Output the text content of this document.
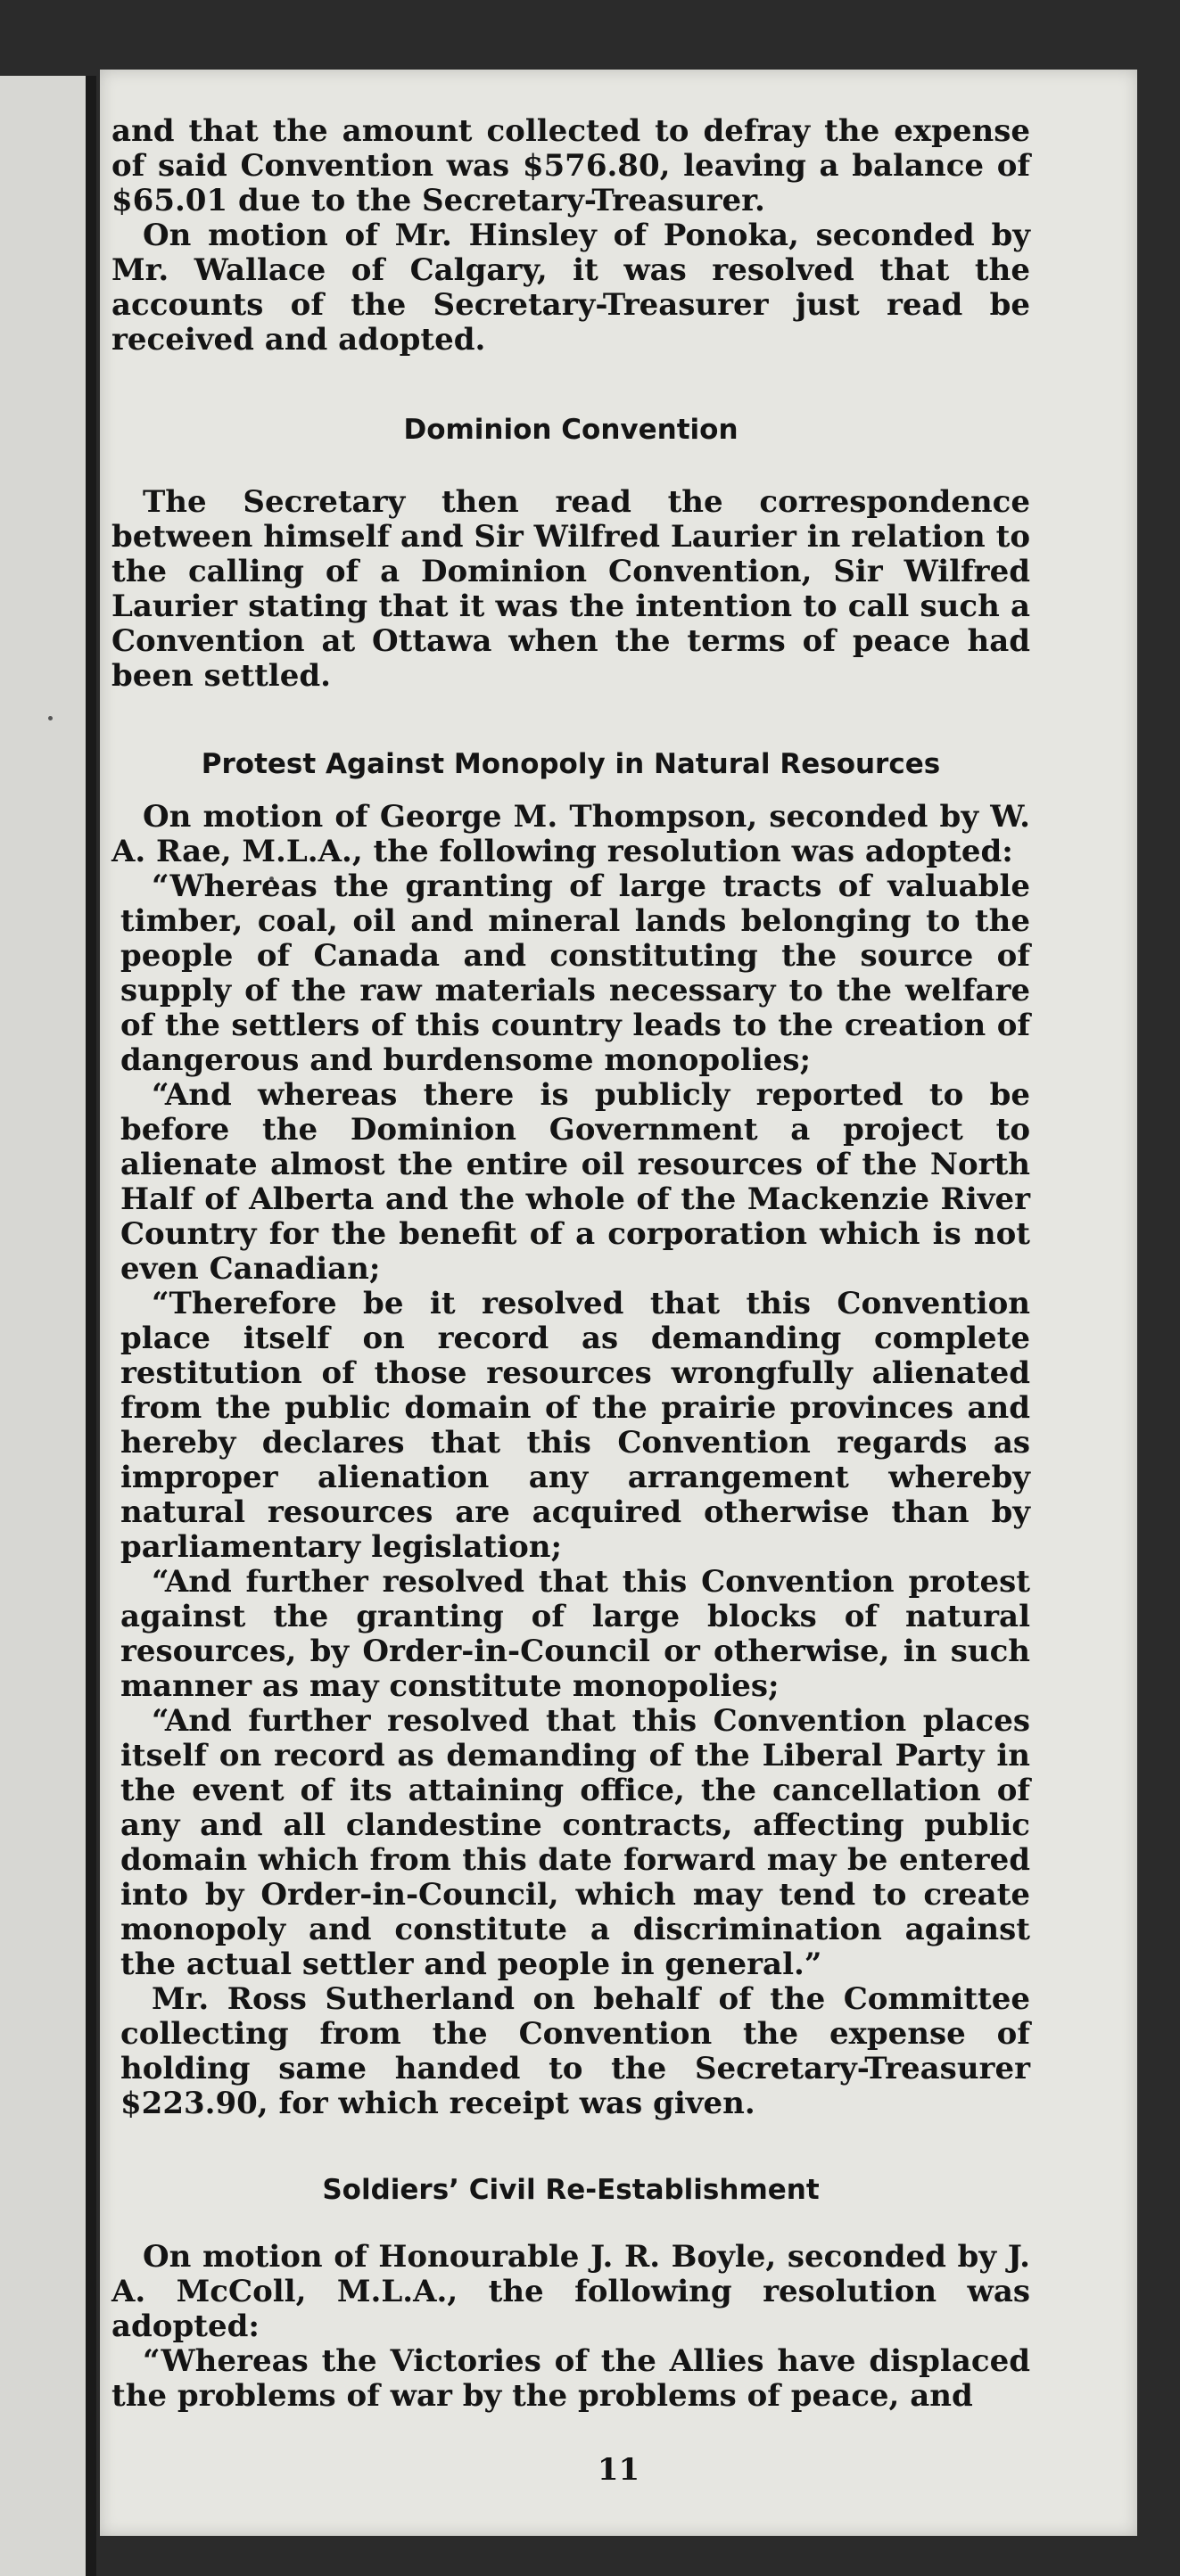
and that the amount collected to defray the expense of said Convention was $576.80, leaving a balance of $65.01 due to the Secretary-Treasurer.

On motion of Mr. Hinsley of Ponoka, seconded by Mr. Wallace of Calgary, it was resolved that the accounts of the Secretary-Treasurer just read be received and adopted.

Dominion Convention

The Secretary then read the correspondence between himself and Sir Wilfred Laurier in relation to the calling of a Dominion Convention, Sir Wilfred Laurier stating that it was the intention to call such a Convention at Ottawa when the terms of peace had been settled.

Protest Against Monopoly in Natural Resources

On motion of George M. Thompson, seconded by W. A. Rae, M.L.A., the following resolution was adopted:

“Whereas the granting of large tracts of valuable timber, coal, oil and mineral lands belonging to the people of Canada and constituting the source of supply of the raw materials necessary to the welfare of the settlers of this country leads to the creation of dangerous and burdensome monopolies;

“And whereas there is publicly reported to be before the Dominion Government a project to alienate almost the entire oil resources of the North Half of Alberta and the whole of the Mackenzie River Country for the benefit of a corporation which is not even Canadian;

“Therefore be it resolved that this Convention place itself on record as demanding complete restitution of those resources wrongfully alienated from the public domain of the prairie provinces and hereby declares that this Convention regards as improper alienation any arrangement whereby natural resources are acquired otherwise than by parliamentary legislation;

“And further resolved that this Convention protest against the granting of large blocks of natural resources, by Order-in-Council or otherwise, in such manner as may constitute monopolies;

“And further resolved that this Convention places itself on record as demanding of the Liberal Party in the event of its attaining office, the cancellation of any and all clandestine contracts, affecting public domain which from this date forward may be entered into by Order-in-Council, which may tend to create monopoly and constitute a discrimination against the actual settler and people in general.”

Mr. Ross Sutherland on behalf of the Committee collecting from the Convention the expense of holding same handed to the Secretary-Treasurer $223.90, for which receipt was given.

Soldiers’ Civil Re-Establishment

On motion of Honourable J. R. Boyle, seconded by J. A. McColl, M.L.A., the following resolution was adopted:

“Whereas the Victories of the Allies have displaced the problems of war by the problems of peace, and

11
